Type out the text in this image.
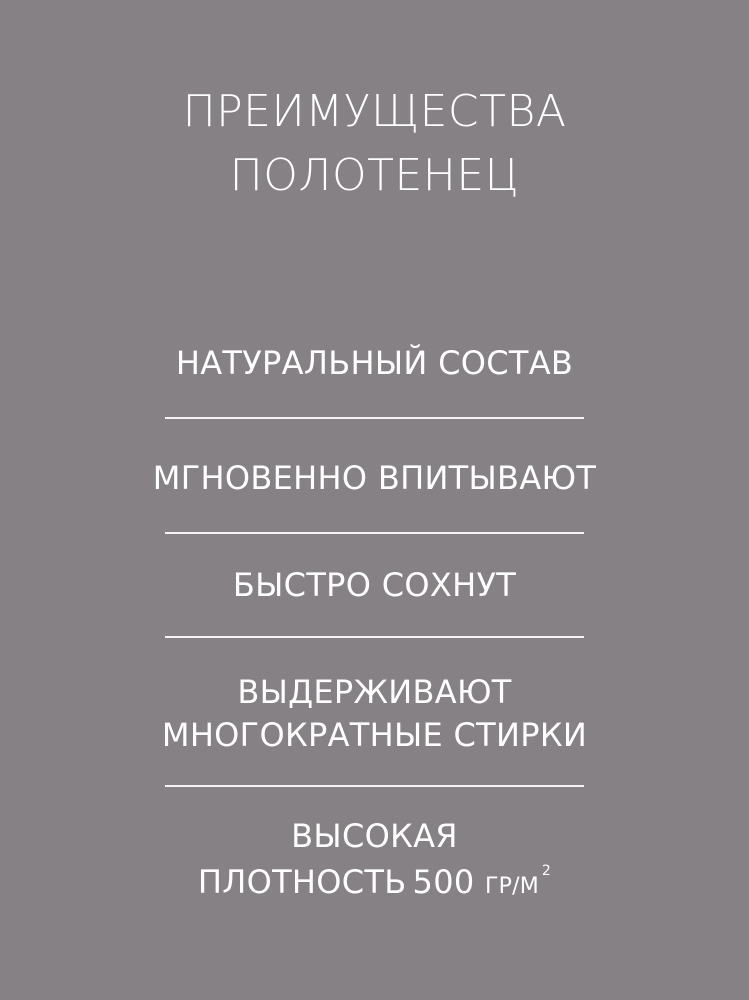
ПРЕИМУЩЕСТВА
ПОЛОТЕНЕЦ
НАТУРАЛЬНЫЙ СОСТАВ
МГНОВЕННО ВПИТЫВАЮТ
БЫСТРО СОХНУТ
ВЫДЕРЖИВАЮТ
МНОГОКРАТНЫЕ СТИРКИ
ВЫСОКАЯ
ПЛОТНОСТЬ 500 $ГР/М^2$
